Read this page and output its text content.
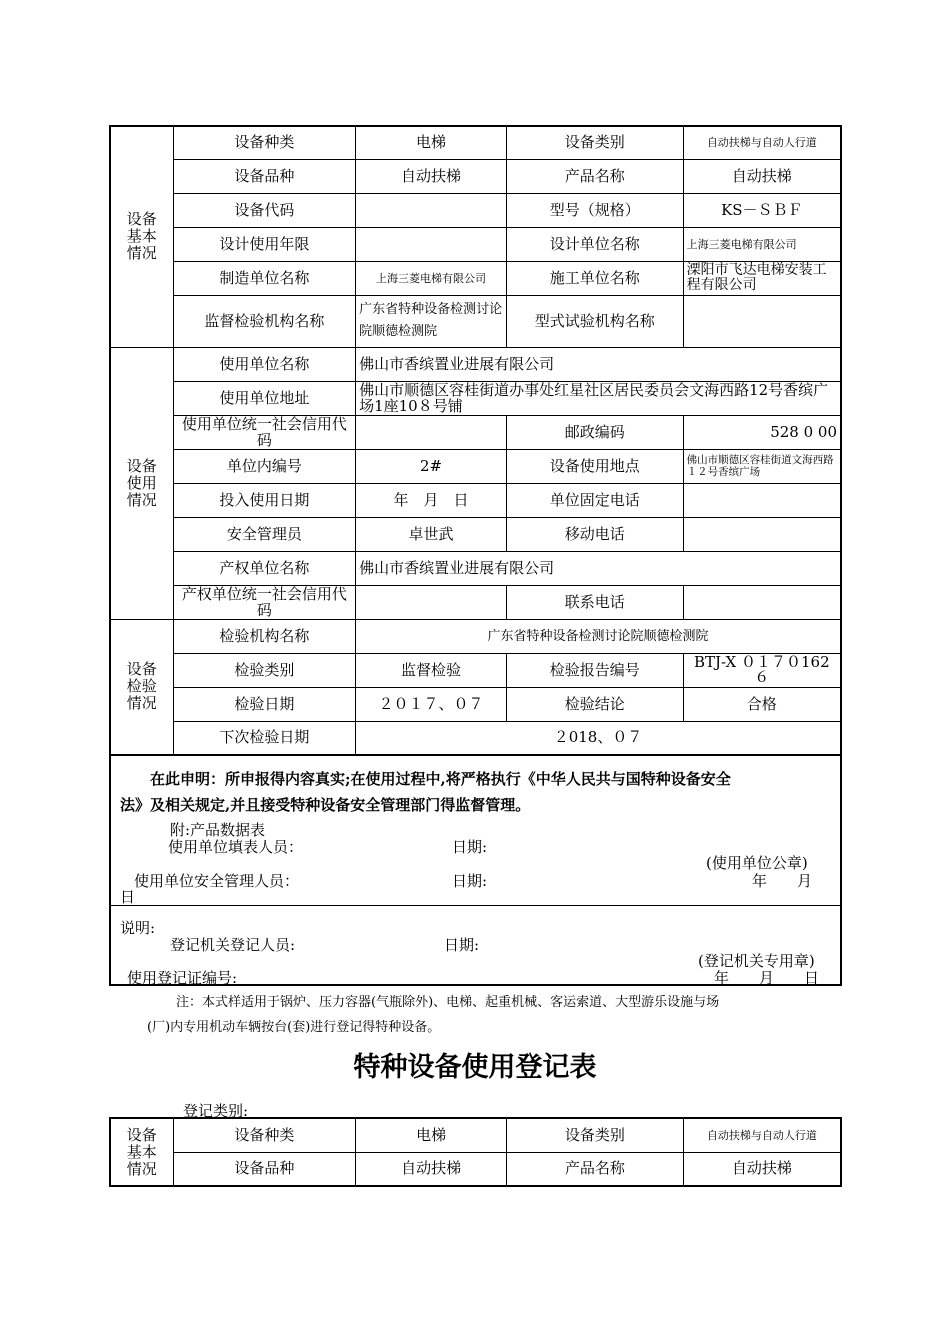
设备
基本
情况	设备种类	电梯	设备类别	自动扶梯与自动人行道
	设备品种	自动扶梯	产品名称	自动扶梯
	设备代码		型号（规格）	KS－ＳＢＦ
	设计使用年限		设计单位名称	上海三菱电梯有限公司
	制造单位名称	上海三菱电梯有限公司	施工单位名称	溧阳市飞达电梯安装工程有限公司
	监督检验机构名称	广东省特种设备检测讨论院顺德检测院	型式试验机构名称	
设备
使用
情况	使用单位名称	佛山市香缤置业进展有限公司		
	使用单位地址	佛山市顺德区容桂街道办事处红星社区居民委员会文海西路12号香缤广场1座10８号铺		
	使用单位统一社会信用代码		邮政编码	528 0 00
	单位内编号	2#	设备使用地点	佛山市顺德区容桂街道文海西路１２号香缤广场
	投入使用日期	年　月　日	单位固定电话	
	安全管理员	卓世武	移动电话	
	产权单位名称	佛山市香缤置业进展有限公司		
	产权单位统一社会信用代码		联系电话	
设备
检验
情况	检验机构名称	广东省特种设备检测讨论院顺德检测院		
	检验类别	监督检验	检验报告编号	BTJ-X ０１７０162６
	检验日期	２０１７、０７	检验结论	合格
	下次检验日期	２018、０７		
在此申明：所申报得内容真实;在使用过程中,将严格执行《中华人民共与国特种设备安全
法》及相关规定,并且接受特种设备安全管理部门得监督管理。
附:产品数据表
使用单位填表人员：	日期:
(使用单位公章)
使用单位安全管理人员：	日期:	年　　月
日
说明:
登记机关登记人员:	日期:
(登记机关专用章)
使用登记证编号:	年　　月　　日
注：本式样适用于锅炉、压力容器(气瓶除外)、电梯、起重机械、客运索道、大型游乐设施与场
(厂)内专用机动车辆按台(套)进行登记得特种设备。
特种设备使用登记表
登记类别:
设备
基本
情况	设备种类	电梯	设备类别	自动扶梯与自动人行道
	设备品种	自动扶梯	产品名称	自动扶梯
